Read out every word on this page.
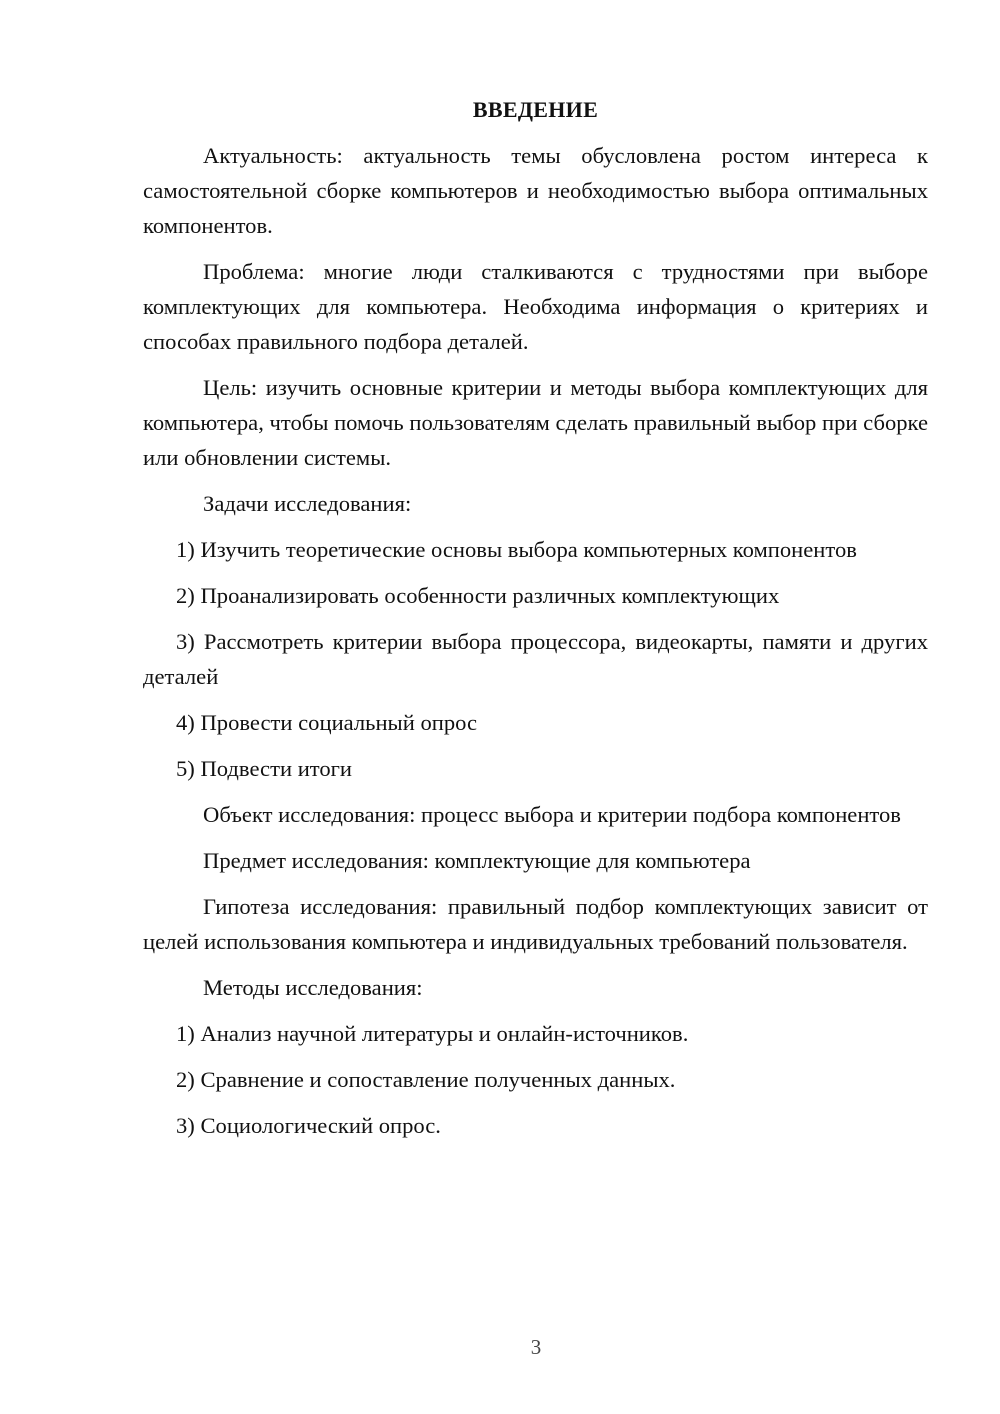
ВВЕДЕНИЕ

Актуальность: актуальность темы обусловлена ростом интереса к самостоятельной сборке компьютеров и необходимостью выбора оптимальных компонентов.

Проблема: многие люди сталкиваются с трудностями при выборе комплектующих для компьютера. Необходима информация о критериях и способах правильного подбора деталей.

Цель: изучить основные критерии и методы выбора комплектующих для компьютера, чтобы помочь пользователям сделать правильный выбор при сборке или обновлении системы.

Задачи исследования:

1) Изучить теоретические основы выбора компьютерных компонентов

2) Проанализировать особенности различных комплектующих

3) Рассмотреть критерии выбора процессора, видеокарты, памяти и других деталей

4) Провести социальный опрос

5) Подвести итоги

Объект исследования: процесс выбора и критерии подбора компонентов

Предмет исследования: комплектующие для компьютера

Гипотеза исследования: правильный подбор комплектующих зависит от целей использования компьютера и индивидуальных требований пользователя.

Методы исследования:

1) Анализ научной литературы и онлайн-источников.

2) Сравнение и сопоставление полученных данных.

3) Социологический опрос.

3
